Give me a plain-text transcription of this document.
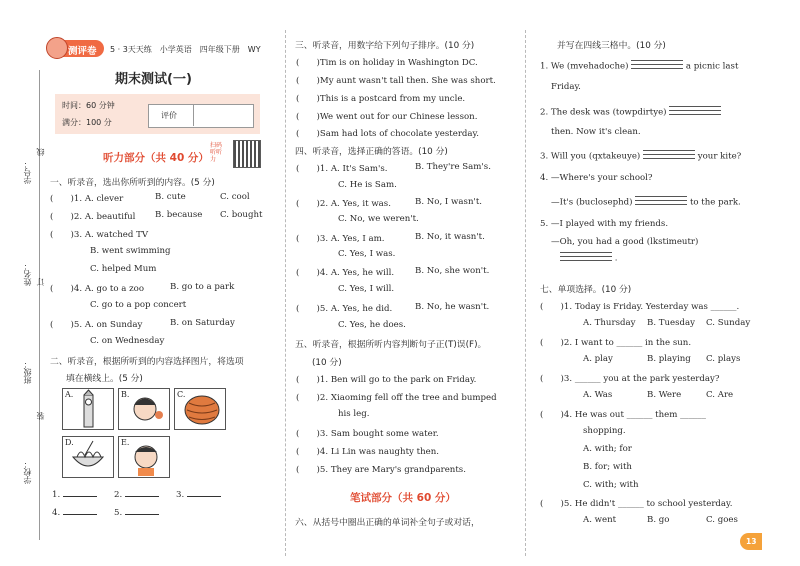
学号：
姓名：
班级：
学校：
线
订
装
测评卷 5 · 3天天练　小学英语　四年级下册　WY
期末测试(一)
时间：60 分钟
满分：100 分
评价
听力部分（共 40 分）
扫码听听力
一、听录音，选出你所听到的内容。(5 分)
(　　)1. A. clever	B. cute	C. cool
(　　)2. A. beautiful B. because C. bought
(　　)3. A. watched TV
B. went swimming
C. helped Mum
(　　)4. A. go to a zoo	B. go to a park
C. go to a pop concert
(　　)5. A. on Sunday	B. on Saturday
C. on Wednesday
二、听录音，根据所听到的内容选择图片，将选项
填在横线上。(5 分)
A.	B.	C.
D.	E.
1.	2.	3.
4.	5.
三、听录音，用数字给下列句子排序。(10 分)
(　　)Tim is on holiday in Washington DC.
(　　)My aunt wasn't tall then. She was short.
(　　)This is a postcard from my uncle.
(　　)We went out for our Chinese lesson.
(　　)Sam had lots of chocolate yesterday.
四、听录音，选择正确的答语。(10 分)
(　　)1. A. It's Sam's.	B. They're Sam's.
C. He is Sam.
(　　)2. A. Yes, it was.	B. No, I wasn't.
C. No, we weren't.
(　　)3. A. Yes, I am.	B. No, it wasn't.
C. Yes, I was.
(　　)4. A. Yes, he will. B. No, she won't.
C. Yes, I will.
(　　)5. A. Yes, he did.	B. No, he wasn't.
C. Yes, he does.
五、听录音，根据所听内容判断句子正(T)误(F)。
(10 分)
(　　)1. Ben will go to the park on Friday.
(　　)2. Xiaoming fell off the tree and bumped
his leg.
(　　)3. Sam bought some water.
(　　)4. Li Lin was naughty then.
(　　)5. They are Mary's grandparents.
笔试部分（共 60 分）
六、从括号中圈出正确的单词补全句子或对话，
并写在四线三格中。(10 分)
1. We (mvehadoche)	a picnic last
Friday.
2. The desk was (towpdirtye)
then. Now it's clean.
3. Will you (qxtakeuye)	your kite?
4. —Where's your school?
—It's (buclosephd)	to the park.
5. —I played with my friends.
—Oh, you had a good (lkstimeutr)
.
七、单项选择。(10 分)
(　　)1. Today is Friday. Yesterday was ______.
A. Thursday B. Tuesday C. Sunday
(　　)2. I want to ______ in the sun.
A. play	B. playing C. plays
(　　)3. ______ you at the park yesterday?
A. Was	B. Were	C. Are
(　　)4. He was out ______ them ______
shopping.
A. with; for
B. for; with
C. with; with
(　　)5. He didn't ______ to school yesterday.
A. went	B. go	C. goes
13
